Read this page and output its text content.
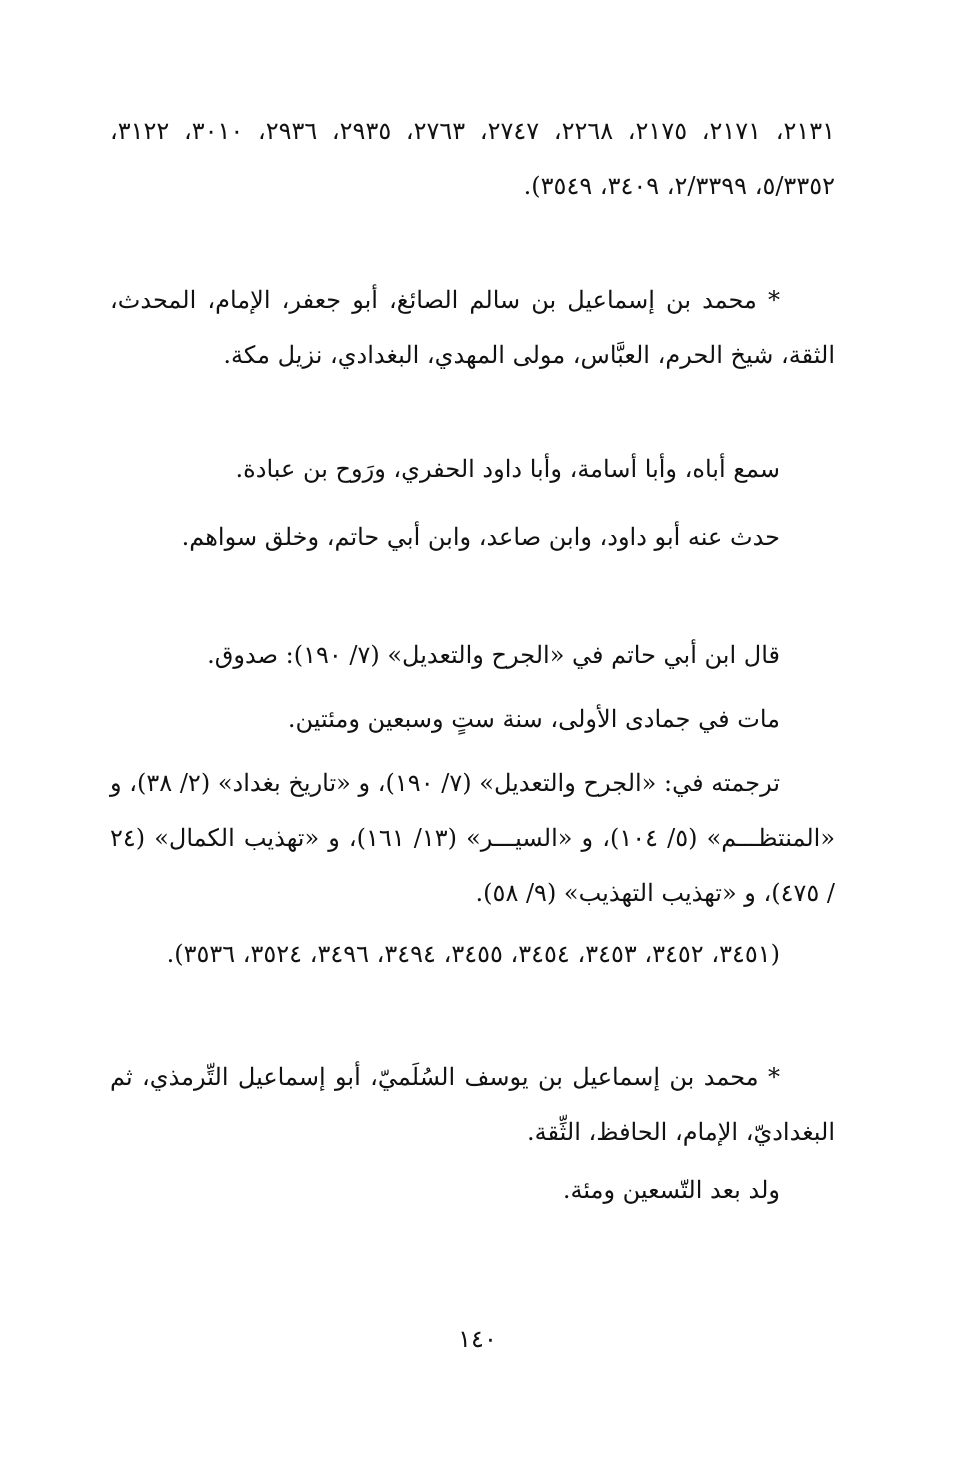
٢١٣١، ٢١٧١، ٢١٧٥، ٢٢٦٨، ٢٧٤٧، ٢٧٦٣، ٢٩٣٥، ٢٩٣٦، ٣٠١٠، ٣١٢٢، ٥/٣٣٥٢، ٢/٣٣٩٩، ٣٤٠٩، ٣٥٤٩).

* محمد بن إسماعيل بن سالم الصائغ، أبو جعفر، الإمام، المحدث، الثقة، شيخ الحرم، العبَّاس، مولى المهدي، البغدادي، نزيل مكة.

سمع أباه، وأبا أسامة، وأبا داود الحفري، ورَوح بن عبادة.

حدث عنه أبو داود، وابن صاعد، وابن أبي حاتم، وخلق سواهم.

قال ابن أبي حاتم في «الجرح والتعديل» (٧/ ١٩٠): صدوق.

مات في جمادى الأولى، سنة ستٍ وسبعين ومئتين.

ترجمته في: «الجرح والتعديل» (٧/ ١٩٠)، و «تاريخ بغداد» (٢/ ٣٨)، و «المنتظـــم» (٥/ ١٠٤)، و «السيـــر» (١٣/ ١٦١)، و «تهذيب الكمال» (٢٤ / ٤٧٥)، و «تهذيب التهذيب» (٩/ ٥٨).

(٣٤٥١، ٣٤٥٢، ٣٤٥٣، ٣٤٥٤، ٣٤٥٥، ٣٤٩٤، ٣٤٩٦، ٣٥٢٤، ٣٥٣٦).

* محمد بن إسماعيل بن يوسف السُلَميّ، أبو إسماعيل التِّرمذي، ثم البغداديّ، الإمام، الحافظ، الثِّقة.

ولد بعد التّسعين ومئة.

١٤٠
